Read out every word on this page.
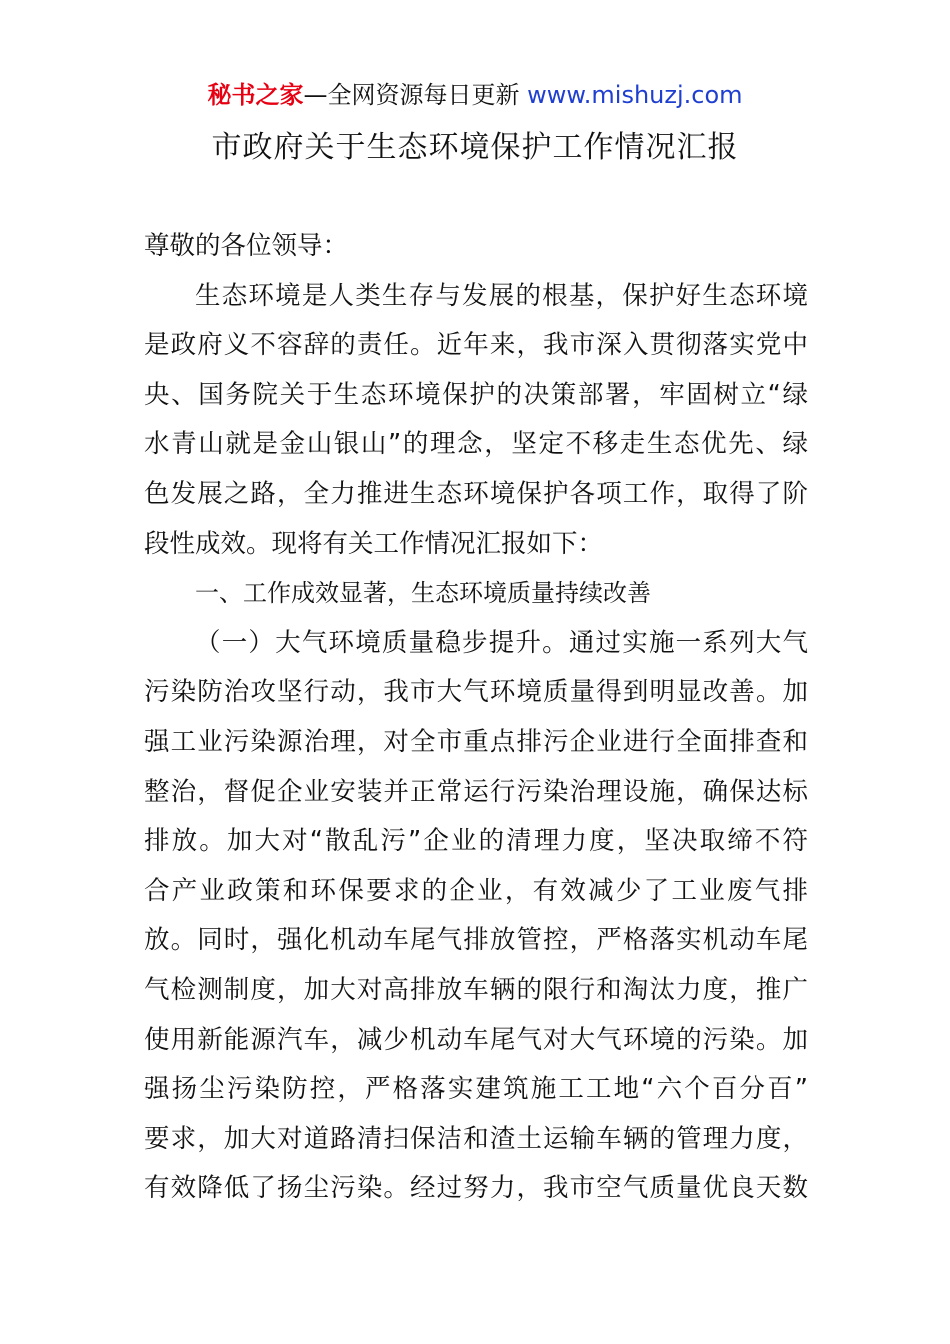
秘书之家—全网资源每日更新 www.mishuzj.com
市政府关于生态环境保护工作情况汇报
尊敬的各位领导：
生态环境是人类生存与发展的根基，保护好生态环境
是政府义不容辞的责任。近年来，我市深入贯彻落实党中
央、国务院关于生态环境保护的决策部署，牢固树立“绿
水青山就是金山银山”的理念，坚定不移走生态优先、绿
色发展之路，全力推进生态环境保护各项工作，取得了阶
段性成效。现将有关工作情况汇报如下：
一、工作成效显著，生态环境质量持续改善
（一）大气环境质量稳步提升。通过实施一系列大气
污染防治攻坚行动，我市大气环境质量得到明显改善。加
强工业污染源治理，对全市重点排污企业进行全面排查和
整治，督促企业安装并正常运行污染治理设施，确保达标
排放。加大对“散乱污”企业的清理力度，坚决取缔不符
合产业政策和环保要求的企业，有效减少了工业废气排
放。同时，强化机动车尾气排放管控，严格落实机动车尾
气检测制度，加大对高排放车辆的限行和淘汰力度，推广
使用新能源汽车，减少机动车尾气对大气环境的污染。加
强扬尘污染防控，严格落实建筑施工工地“六个百分百”
要求，加大对道路清扫保洁和渣土运输车辆的管理力度，
有效降低了扬尘污染。经过努力，我市空气质量优良天数
